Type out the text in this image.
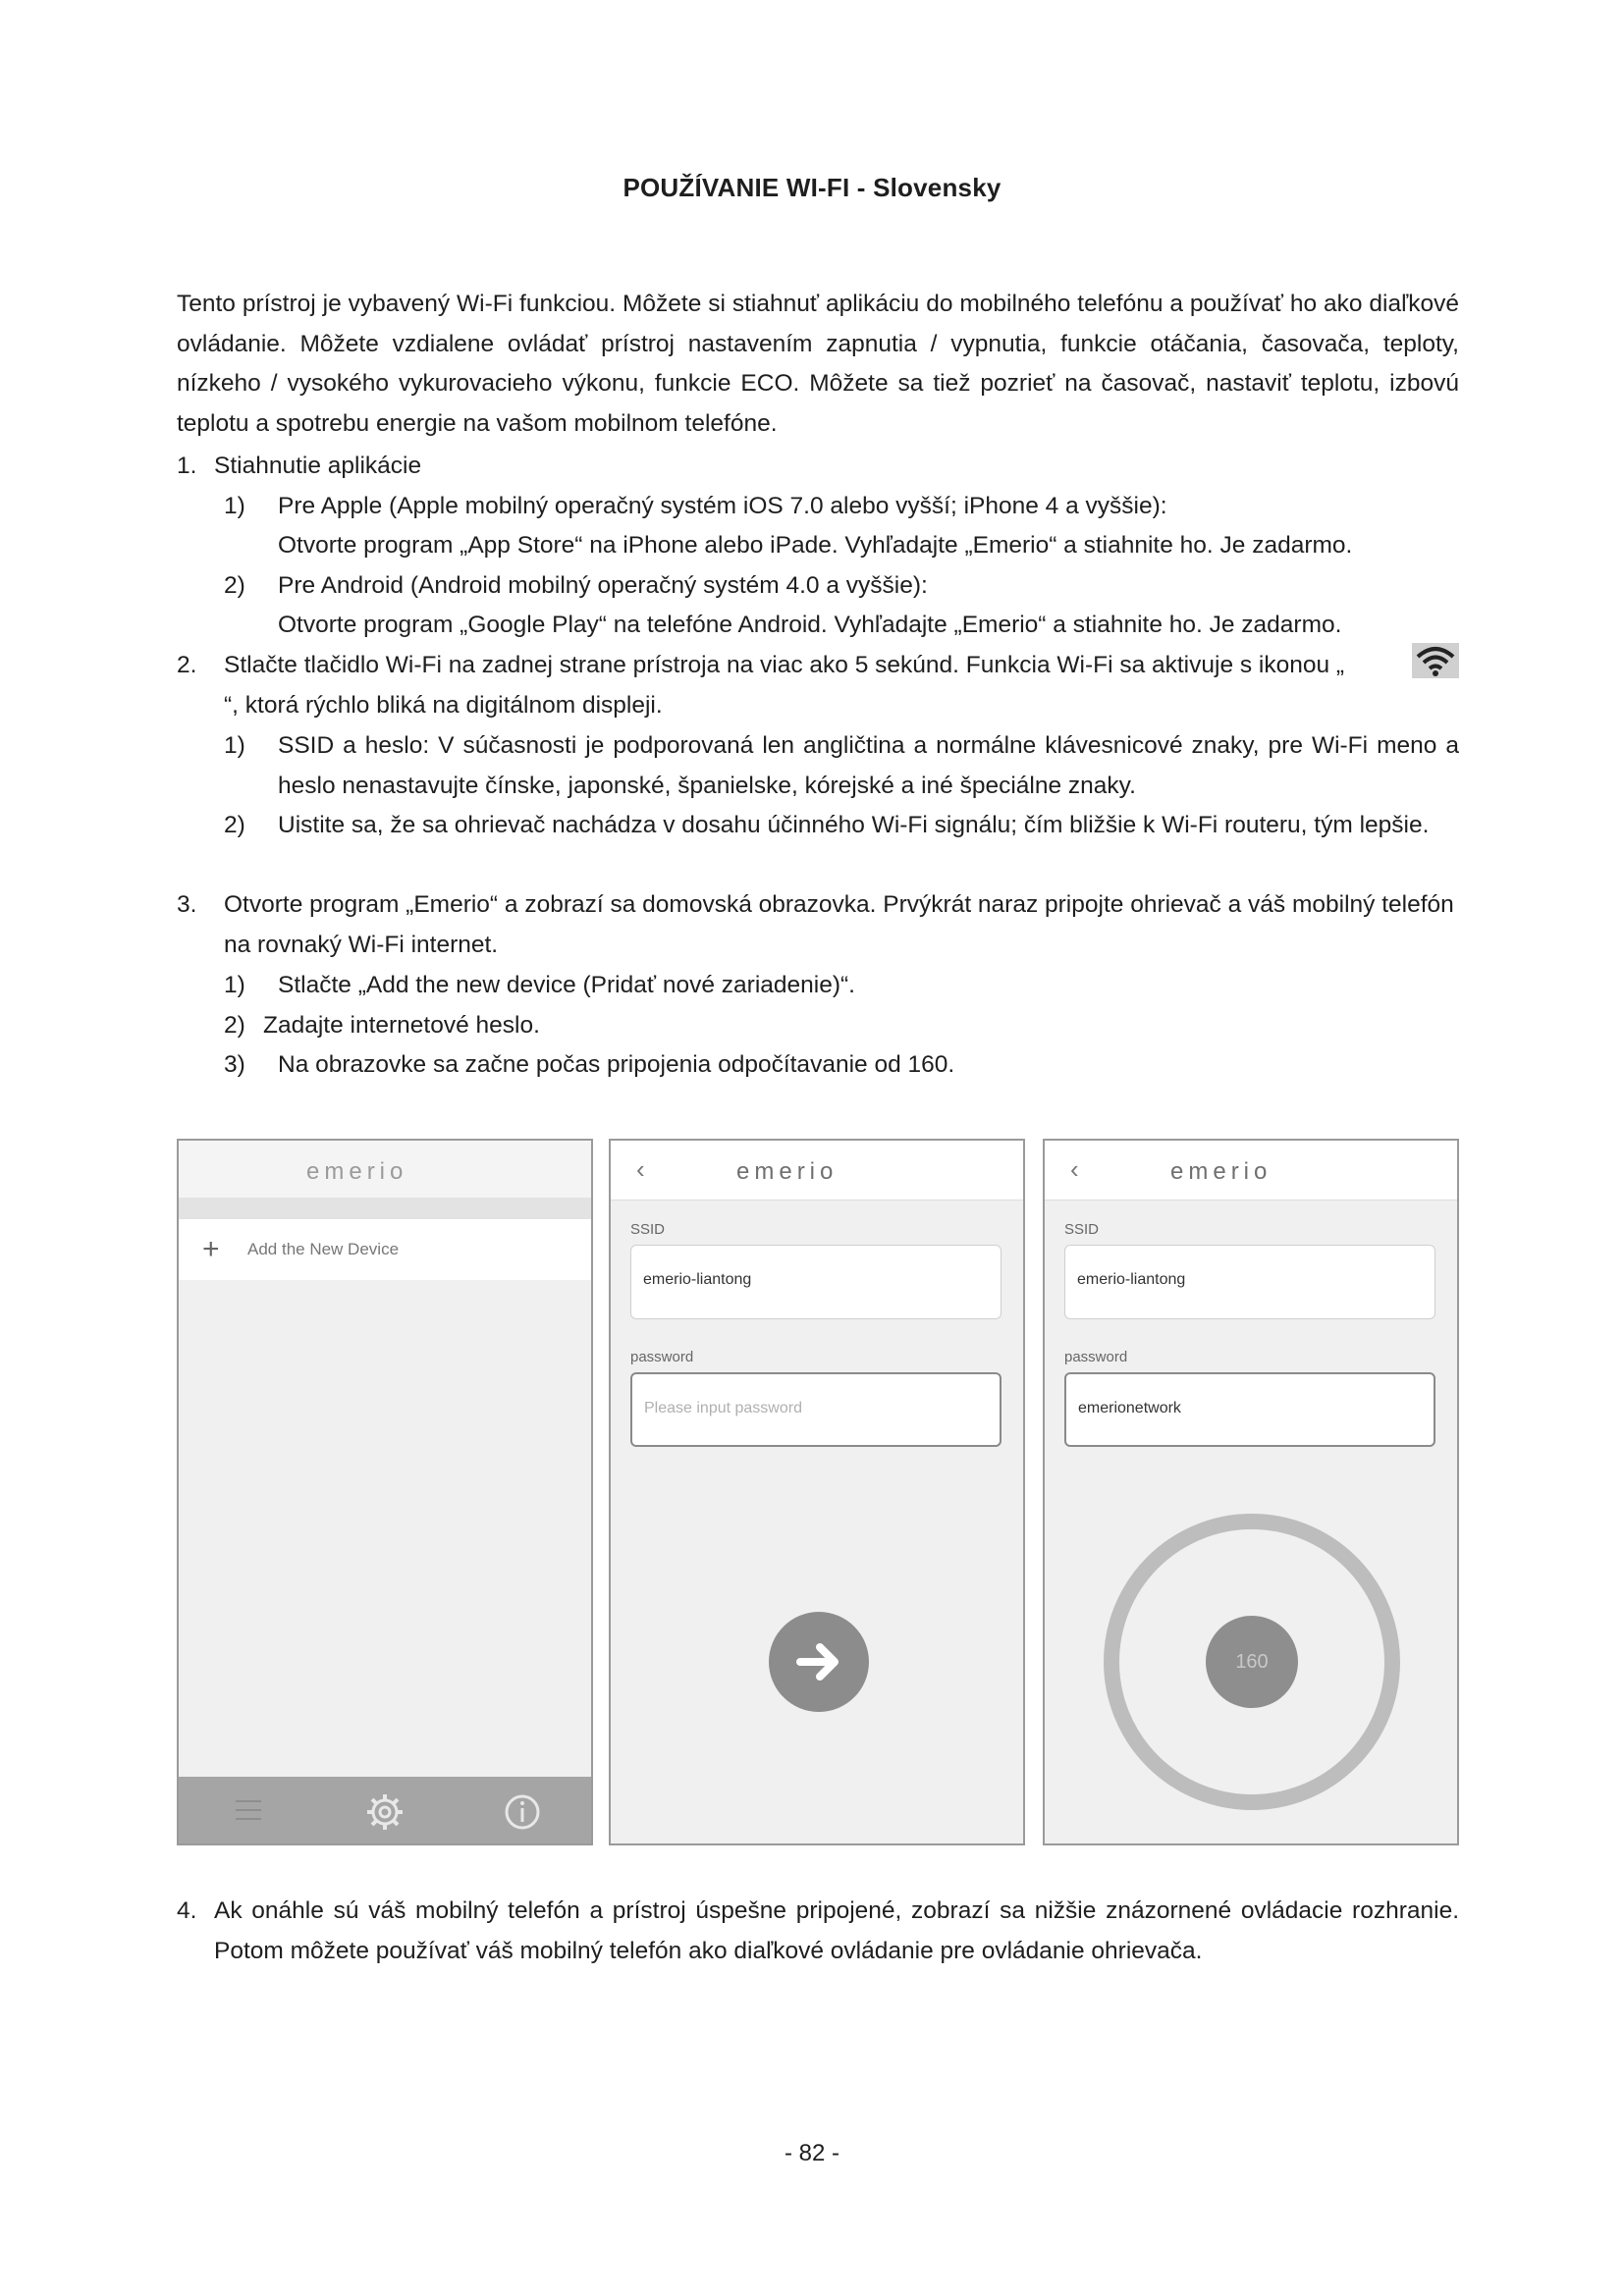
POUŽÍVANIE WI-FI - Slovensky
Tento prístroj je vybavený Wi-Fi funkciou. Môžete si stiahnuť aplikáciu do mobilného telefónu a používať ho ako diaľkové ovládanie. Môžete vzdialene ovládať prístroj nastavením zapnutia / vypnutia, funkcie otáčania, časovača, teploty, nízkeho / vysokého vykurovacieho výkonu, funkcie ECO. Môžete sa tiež pozrieť na časovač, nastaviť teplotu, izbovú teplotu a spotrebu energie na vašom mobilnom telefóne.
1. Stiahnutie aplikácie
1) Pre Apple (Apple mobilný operačný systém iOS 7.0 alebo vyšší; iPhone 4 a vyššie):
Otvorte program „App Store“ na iPhone alebo iPade. Vyhľadajte „Emerio“ a stiahnite ho. Je zadarmo.
2) Pre Android (Android mobilný operačný systém 4.0 a vyššie):
Otvorte program „Google Play“ na telefóne Android. Vyhľadajte „Emerio“ a stiahnite ho. Je zadarmo.
2. Stlačte tlačidlo Wi-Fi na zadnej strane prístroja na viac ako 5 sekúnd. Funkcia Wi-Fi sa aktivuje s ikonou „
“, ktorá rýchlo bliká na digitálnom displeji.
1) SSID a heslo: V súčasnosti je podporovaná len angličtina a normálne klávesnicové znaky, pre Wi-Fi meno a heslo nenastavujte čínske, japonské, španielske, kórejské a iné špeciálne znaky.
2) Uistite sa, že sa ohrievač nachádza v dosahu účinného Wi-Fi signálu; čím bližšie k Wi-Fi routeru, tým lepšie.
3. Otvorte program „Emerio“ a zobrazí sa domovská obrazovka. Prvýkrát naraz pripojte ohrievač a váš mobilný telefón na rovnaký Wi-Fi internet.
1) Stlačte „Add the new device (Pridať nové zariadenie)“.
2) Zadajte internetové heslo.
3) Na obrazovke sa začne počas pripojenia odpočítavanie od 160.
emerio
+ Add the New Device
‹	emerio
SSID
emerio-liantong
password
Please input password
‹	emerio
SSID
emerio-liantong
password
emerionetwork
160
4. Ak onáhle sú váš mobilný telefón a prístroj úspešne pripojené, zobrazí sa nižšie znázornené ovládacie rozhranie. Potom môžete používať váš mobilný telefón ako diaľkové ovládanie pre ovládanie ohrievača.
- 82 -
